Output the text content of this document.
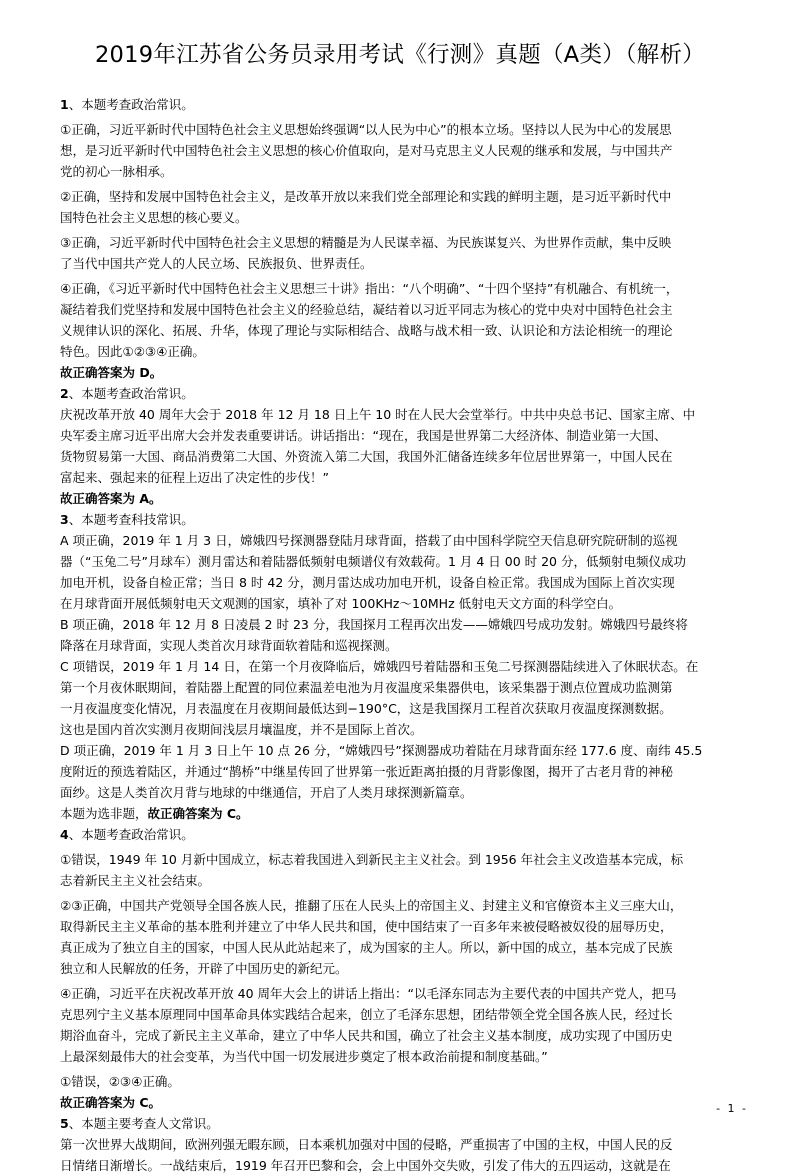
2019年江苏省公务员录用考试《行测》真题（A类）（解析）
1、本题考查政治常识。
①正确，习近平新时代中国特色社会主义思想始终强调“以人民为中心”的根本立场。坚持以人民为中心的发展思
想，是习近平新时代中国特色社会主义思想的核心价值取向，是对马克思主义人民观的继承和发展，与中国共产
党的初心一脉相承。
②正确，坚持和发展中国特色社会主义，是改革开放以来我们党全部理论和实践的鲜明主题，是习近平新时代中
国特色社会主义思想的核心要义。
③正确，习近平新时代中国特色社会主义思想的精髓是为人民谋幸福、为民族谋复兴、为世界作贡献，集中反映
了当代中国共产党人的人民立场、民族报负、世界责任。
④正确，《习近平新时代中国特色社会主义思想三十讲》指出：“八个明确”、“十四个坚持”有机融合、有机统一，
凝结着我们党坚持和发展中国特色社会主义的经验总结，凝结着以习近平同志为核心的党中央对中国特色社会主
义规律认识的深化、拓展、升华，体现了理论与实际相结合、战略与战术相一致、认识论和方法论相统一的理论
特色。因此①②③④正确。
故正确答案为 D。
2、本题考查政治常识。
庆祝改革开放 40 周年大会于 2018 年 12 月 18 日上午 10 时在人民大会堂举行。中共中央总书记、国家主席、中
央军委主席习近平出席大会并发表重要讲话。讲话指出：“现在，我国是世界第二大经济体、制造业第一大国、
货物贸易第一大国、商品消费第二大国、外资流入第二大国，我国外汇储备连续多年位居世界第一，中国人民在
富起来、强起来的征程上迈出了决定性的步伐！”
故正确答案为 A。
3、本题考查科技常识。
A 项正确，2019 年 1 月 3 日，嫦娥四号探测器登陆月球背面，搭载了由中国科学院空天信息研究院研制的巡视
器（“玉兔二号”月球车）测月雷达和着陆器低频射电频谱仪有效载荷。1 月 4 日 00 时 20 分，低频射电频仪成功
加电开机，设备自检正常；当日 8 时 42 分，测月雷达成功加电开机，设备自检正常。我国成为国际上首次实现
在月球背面开展低频射电天文观测的国家，填补了对 100KHz～10MHz 低射电天文方面的科学空白。
B 项正确，2018 年 12 月 8 日凌晨 2 时 23 分，我国探月工程再次出发——嫦娥四号成功发射。嫦娥四号最终将
降落在月球背面，实现人类首次月球背面软着陆和巡视探测。
C 项错误，2019 年 1 月 14 日，在第一个月夜降临后，嫦娥四号着陆器和玉兔二号探测器陆续进入了休眠状态。在
第一个月夜休眠期间，着陆器上配置的同位素温差电池为月夜温度采集器供电，该采集器于测点位置成功监测第
一月夜温度变化情况，月表温度在月夜期间最低达到−190°C，这是我国探月工程首次获取月夜温度探测数据。
这也是国内首次实测月夜期间浅层月壤温度，并不是国际上首次。
D 项正确，2019 年 1 月 3 日上午 10 点 26 分，“嫦娥四号”探测器成功着陆在月球背面东经 177.6 度、南纬 45.5
度附近的预选着陆区，并通过“鹊桥”中继星传回了世界第一张近距离拍摄的月背影像图，揭开了古老月背的神秘
面纱。这是人类首次月背与地球的中继通信，开启了人类月球探测新篇章。
本题为选非题，故正确答案为 C。
4、本题考查政治常识。
①错误，1949 年 10 月新中国成立，标志着我国进入到新民主主义社会。到 1956 年社会主义改造基本完成，标
志着新民主主义社会结束。
②③正确，中国共产党领导全国各族人民，推翻了压在人民头上的帝国主义、封建主义和官僚资本主义三座大山，
取得新民主主义革命的基本胜利并建立了中华人民共和国，使中国结束了一百多年来被侵略被奴役的屈辱历史，
真正成为了独立自主的国家，中国人民从此站起来了，成为国家的主人。所以，新中国的成立，基本完成了民族
独立和人民解放的任务，开辟了中国历史的新纪元。
④正确，习近平在庆祝改革开放 40 周年大会上的讲话上指出：“以毛泽东同志为主要代表的中国共产党人，把马
克思列宁主义基本原理同中国革命具体实践结合起来，创立了毛泽东思想，团结带领全党全国各族人民，经过长
期浴血奋斗，完成了新民主主义革命，建立了中华人民共和国，确立了社会主义基本制度，成功实现了中国历史
上最深刻最伟大的社会变革，为当代中国一切发展进步奠定了根本政治前提和制度基础。”
①错误，②③④正确。
故正确答案为 C。
5、本题主要考查人文常识。
第一次世界大战期间，欧洲列强无暇东顾，日本乘机加强对中国的侵略，严重损害了中国的主权，中国人民的反
日情绪日渐增长。一战结束后，1919 年召开巴黎和会，会上中国外交失败，引发了伟大的五四运动，这就是在
- 1 -
